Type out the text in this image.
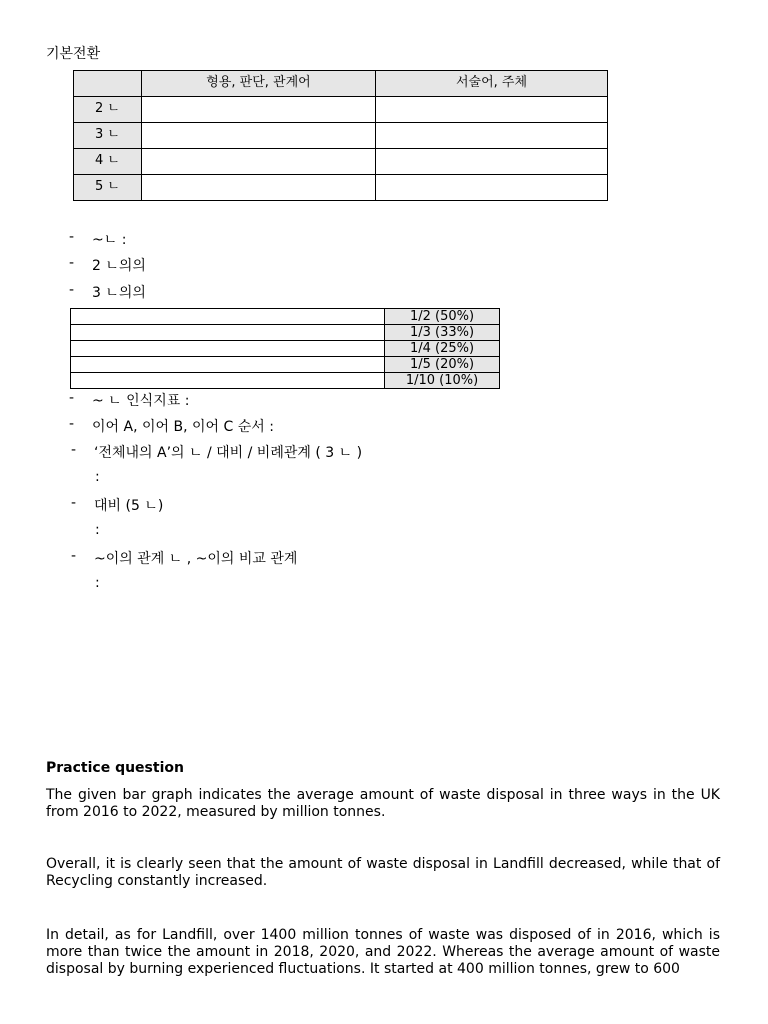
기본전환
	형용, 판단, 관계어	서술어, 주체
2 ㄴ		
3 ㄴ		
4 ㄴ		
5 ㄴ		
- ~ㄴ :
- 2 ㄴ의의
- 3 ㄴ의의
	1/2 (50%)
	1/3 (33%)
	1/4 (25%)
	1/5 (20%)
	1/10 (10%)
- ~ ㄴ 인식지표 :
- 이어 A, 이어 B, 이어 C 순서 :
- ‘전체내의 A’의 ㄴ / 대비 / 비례관계 ( 3 ㄴ )
:
- 대비 (5 ㄴ)
:
- ~이의 관계 ㄴ , ~이의 비교 관계
:
Practice question
The given bar graph indicates the average amount of waste disposal in three ways in the UK from 2016 to 2022, measured by million tonnes.
Overall, it is clearly seen that the amount of waste disposal in Landfill decreased, while that of Recycling constantly increased.
In detail, as for Landfill, over 1400 million tonnes of waste was disposed of in 2016, which is more than twice the amount in 2018, 2020, and 2022. Whereas the average amount of waste disposal by burning experienced fluctuations. It started at 400 million tonnes, grew to 600
